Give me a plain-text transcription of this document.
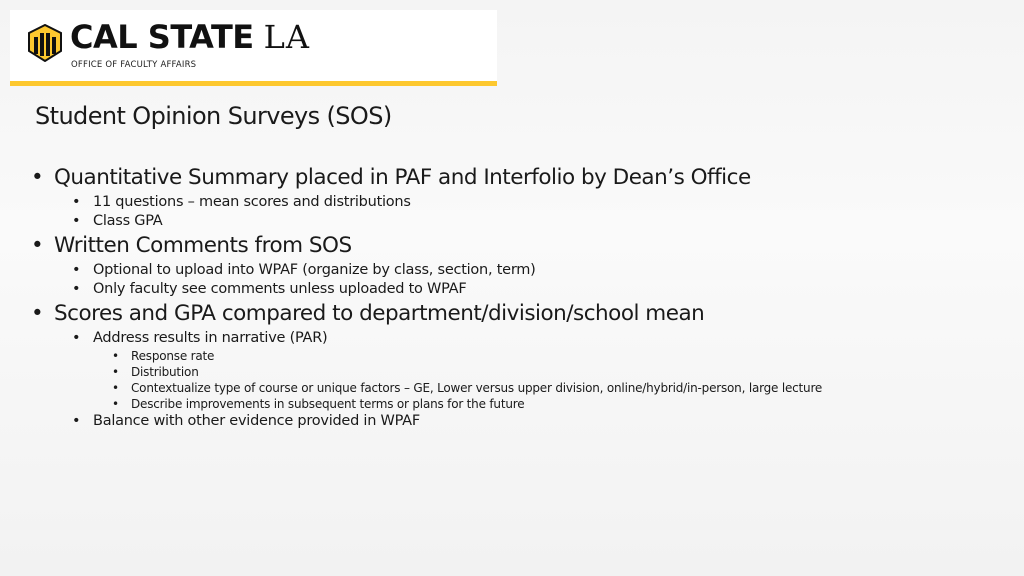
CAL STATE LA
OFFICE OF FACULTY AFFAIRS
Student Opinion Surveys (SOS)
• Quantitative Summary placed in PAF and Interfolio by Dean’s Office
• 11 questions – mean scores and distributions
• Class GPA
• Written Comments from SOS
• Optional to upload into WPAF (organize by class, section, term)
• Only faculty see comments unless uploaded to WPAF
• Scores and GPA compared to department/division/school mean
• Address results in narrative (PAR)
• Response rate
• Distribution
• Contextualize type of course or unique factors – GE, Lower versus upper division, online/hybrid/in-person, large lecture
• Describe improvements in subsequent terms or plans for the future
• Balance with other evidence provided in WPAF
